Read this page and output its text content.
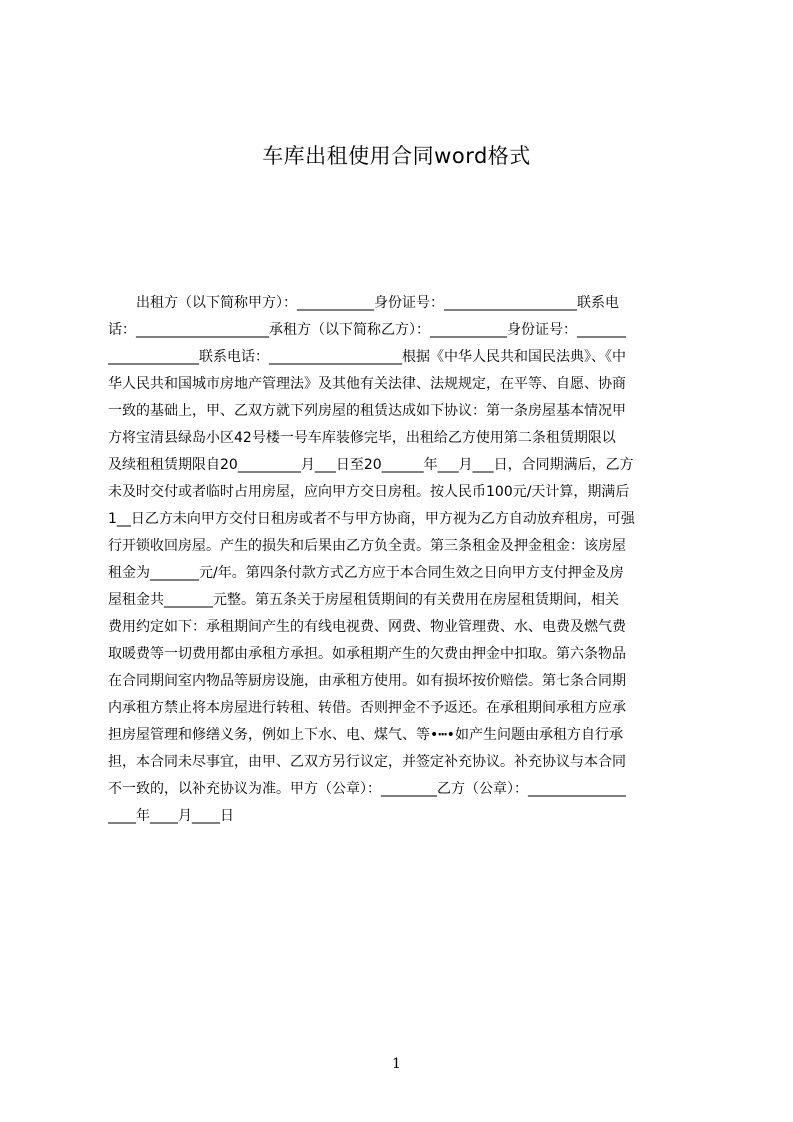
车库出租使用合同word格式
　　出租方（以下简称甲方）：___________身份证号：___________________联系电
话：___________________承租方（以下简称乙方）：___________身份证号：_______
_____________联系电话：___________________根据《中华人民共和国民法典》、《中
华人民共和国城市房地产管理法》及其他有关法律、法规规定，在平等、自愿、协商
一致的基础上，甲、乙双方就下列房屋的租赁达成如下协议：第一条房屋基本情况甲
方将宝清县绿岛小区42号楼一号车库装修完毕，出租给乙方使用第二条租赁期限以
及续租租赁期限自20_________月___日至20______年___月___日，合同期满后，乙方
未及时交付或者临时占用房屋，应向甲方交日房租。按人民币100元/天计算，期满后
1__日乙方未向甲方交付日租房或者不与甲方协商，甲方视为乙方自动放弃租房，可强
行开锁收回房屋。产生的损失和后果由乙方负全责。第三条租金及押金租金：该房屋
租金为_______元/年。第四条付款方式乙方应于本合同生效之日向甲方支付押金及房
屋租金共_______元整。第五条关于房屋租赁期间的有关费用在房屋租赁期间，相关
费用约定如下：承租期间产生的有线电视费、网费、物业管理费、水、电费及燃气费
取暖费等一切费用都由承租方承担。如承租期产生的欠费由押金中扣取。第六条物品
在合同期间室内物品等厨房设施，由承租方使用。如有损坏按价赔偿。第七条合同期
内承租方禁止将本房屋进行转租、转借。否则押金不予返还。在承租期间承租方应承
担房屋管理和修缮义务，例如上下水、电、煤气、等•┅•如产生问题由承租方自行承
担，本合同未尽事宜，由甲、乙双方另行议定，并签定补充协议。补充协议与本合同
不一致的，以补充协议为准。甲方（公章）：________乙方（公章）：______________
____年____月____日
1
